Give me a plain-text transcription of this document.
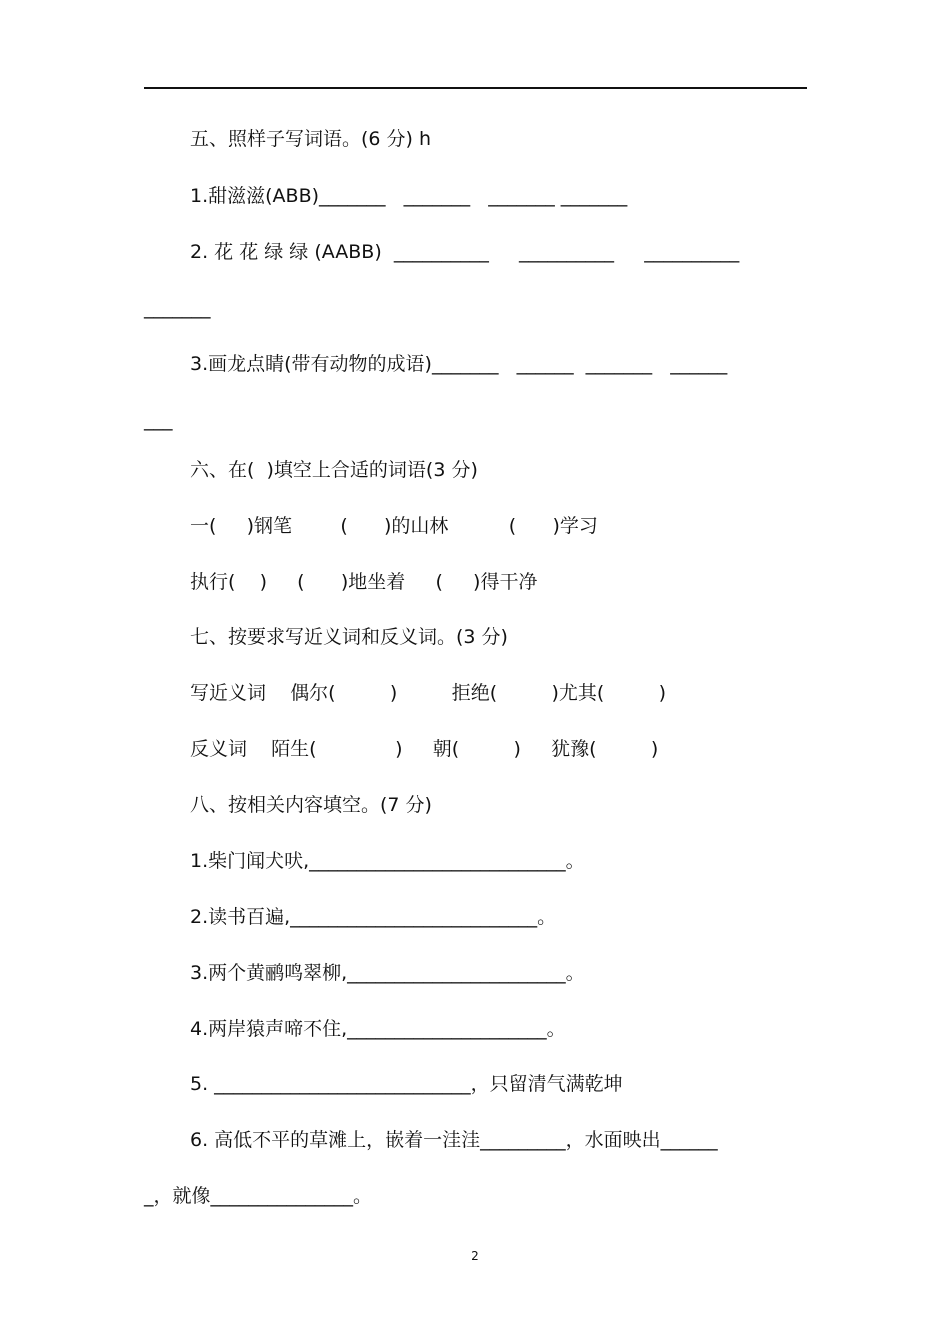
五、照样子写词语。(6 分) h
1.甜滋滋(ABB)_______   _______   _______ _______
2. 花 花 绿 绿 (AABB)  __________     __________     __________
_______
3.画龙点睛(带有动物的成语)_______   ______  _______   ______
___
六、在(  )填空上合适的词语(3 分)
一(     )钢笔        (      )的山林          (      )学习
执行(    )     (      )地坐着     (     )得干净
七、按要求写近义词和反义词。(3 分)
写近义词    偶尔(         )         拒绝(         )尤其(         )
反义词    陌生(             )     朝(         )     犹豫(         )
八、按相关内容填空。(7 分)
1.柴门闻犬吠,___________________________。
2.读书百遍,__________________________。
3.两个黄鹂鸣翠柳,_______________________。
4.两岸猿声啼不住,_____________________。
5. ___________________________，只留清气满乾坤
6. 高低不平的草滩上，嵌着一洼洼_________，水面映出______
_，就像_______________。
2
